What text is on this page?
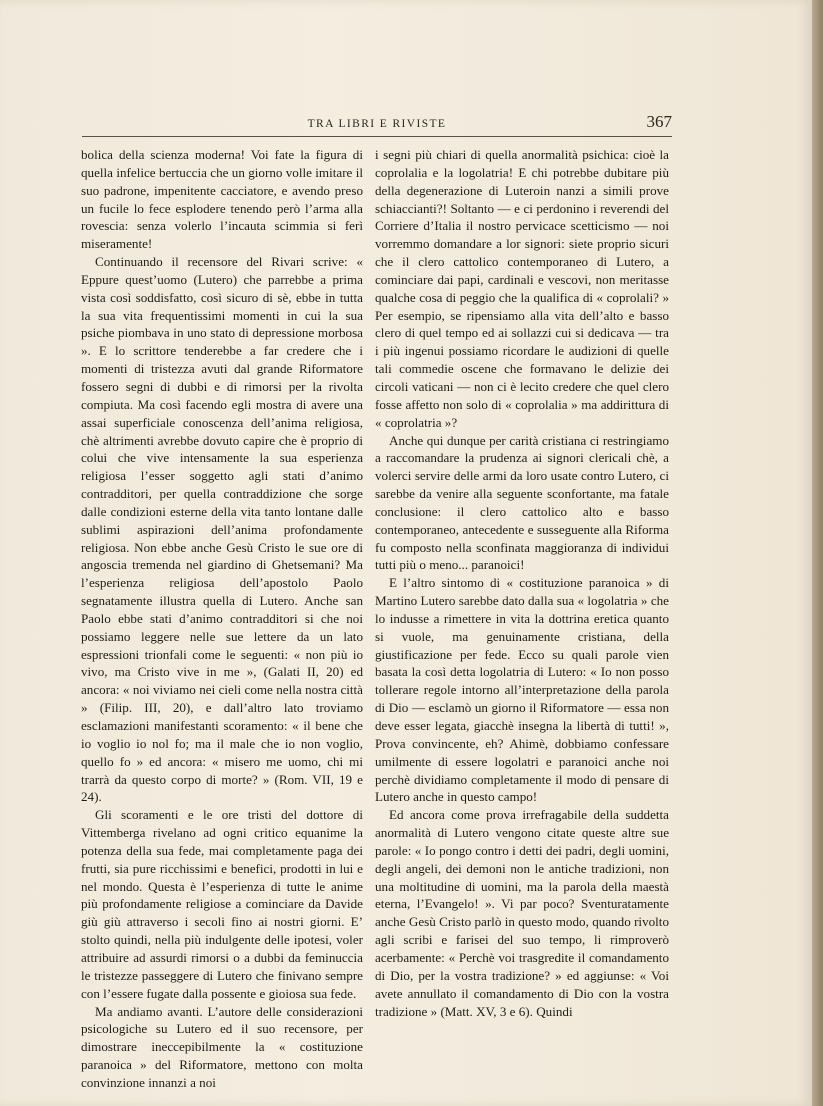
TRA LIBRI E RIVISTE	367

bolica della scienza moderna! Voi fate la figura di quella infelice bertuccia che un giorno volle imitare il suo padrone, impenitente cacciatore, e avendo preso un fucile lo fece esplodere tenendo però l’arma alla rovescia: senza volerlo l’incauta scimmia si ferì miseramente!

Continuando il recensore del Rivari scrive: « Eppure quest’uomo (Lutero) che parrebbe a prima vista così soddisfatto, così sicuro di sè, ebbe in tutta la sua vita frequentissimi momenti in cui la sua psiche piombava in uno stato di depressione morbosa ». E lo scrittore tenderebbe a far credere che i momenti di tristezza avuti dal grande Riformatore fossero segni di dubbi e di rimorsi per la rivolta compiuta. Ma così facendo egli mostra di avere una assai superficiale conoscenza dell’anima religiosa, chè altrimenti avrebbe dovuto capire che è proprio di colui che vive intensamente la sua esperienza religiosa l’esser soggetto agli stati d’animo contradditori, per quella contraddizione che sorge dalle condizioni esterne della vita tanto lontane dalle sublimi aspirazioni dell’anima profondamente religiosa. Non ebbe anche Gesù Cristo le sue ore di angoscia tremenda nel giardino di Ghetsemani? Ma l’esperienza religiosa dell’apostolo Paolo segnatamente illustra quella di Lutero. Anche san Paolo ebbe stati d’animo contradditori si che noi possiamo leggere nelle sue lettere da un lato espressioni trionfali come le seguenti: « non più io vivo, ma Cristo vive in me », (Galati II, 20) ed ancora: « noi viviamo nei cieli come nella nostra città » (Filip. III, 20), e dall’altro lato troviamo esclamazioni manifestanti scoramento: « il bene che io voglio io nol fo; ma il male che io non voglio, quello fo » ed ancora: « misero me uomo, chi mi trarrà da questo corpo di morte? » (Rom. VII, 19 e 24).

Gli scoramenti e le ore tristi del dottore di Vittemberga rivelano ad ogni critico equanime la potenza della sua fede, mai completamente paga dei frutti, sia pure ricchissimi e benefici, prodotti in lui e nel mondo. Questa è l’esperienza di tutte le anime più profondamente religiose a cominciare da Davide giù giù attraverso i secoli fino ai nostri giorni. E’ stolto quindi, nella più indulgente delle ipotesi, voler attribuire ad assurdi rimorsi o a dubbi da feminuccia le tristezze passeggere di Lutero che finivano sempre con l’essere fugate dalla possente e gioiosa sua fede.

Ma andiamo avanti. L’autore delle considerazioni psicologiche su Lutero ed il suo recensore, per dimostrare ineccepibilmente la « costituzione paranoica » del Riformatore, mettono con molta convinzione innanzi a noi

i segni più chiari di quella anormalità psichica: cioè la coprolalia e la logolatria! E chi potrebbe dubitare più della degenerazione di Luteroin nanzi a simili prove schiaccianti?! Soltanto — e ci perdonino i reverendi del Corriere d’Italia il nostro pervicace scetticismo — noi vorremmo domandare a lor signori: siete proprio sicuri che il clero cattolico contemporaneo di Lutero, a cominciare dai papi, cardinali e vescovi, non meritasse qualche cosa di peggio che la qualifica di « coprolali? » Per esempio, se ripensiamo alla vita dell’alto e basso clero di quel tempo ed ai sollazzi cui si dedicava — tra i più ingenui possiamo ricordare le audizioni di quelle tali commedie oscene che formavano le delizie dei circoli vaticani — non ci è lecito credere che quel clero fosse affetto non solo di « coprolalia » ma addirittura di « coprolatria »?

Anche qui dunque per carità cristiana ci restringiamo a raccomandare la prudenza ai signori clericali chè, a volerci servire delle armi da loro usate contro Lutero, ci sarebbe da venire alla seguente sconfortante, ma fatale conclusione: il clero cattolico alto e basso contemporaneo, antecedente e susseguente alla Riforma fu composto nella sconfinata maggioranza di individui tutti più o meno... paranoici!

E l’altro sintomo di « costituzione paranoica » di Martino Lutero sarebbe dato dalla sua « logolatria » che lo indusse a rimettere in vita la dottrina eretica quanto si vuole, ma genuinamente cristiana, della giustificazione per fede. Ecco su quali parole vien basata la così detta logolatria di Lutero: « Io non posso tollerare regole intorno all’interpretazione della parola di Dio — esclamò un giorno il Riformatore — essa non deve esser legata, giacchè insegna la libertà di tutti! », Prova convincente, eh? Ahimè, dobbiamo confessare umilmente di essere logolatri e paranoici anche noi perchè dividiamo completamente il modo di pensare di Lutero anche in questo campo!

Ed ancora come prova irrefragabile della suddetta anormalità di Lutero vengono citate queste altre sue parole: « Io pongo contro i detti dei padri, degli uomini, degli angeli, dei demoni non le antiche tradizioni, non una moltitudine di uomini, ma la parola della maestà eterna, l’Evangelo! ». Vi par poco? Sventuratamente anche Gesù Cristo parlò in questo modo, quando rivolto agli scribi e farisei del suo tempo, li rimproverò acerbamente: « Perchè voi trasgredite il comandamento di Dio, per la vostra tradizione? » ed aggiunse: « Voi avete annullato il comandamento di Dio con la vostra tradizione » (Matt. XV, 3 e 6). Quindi
